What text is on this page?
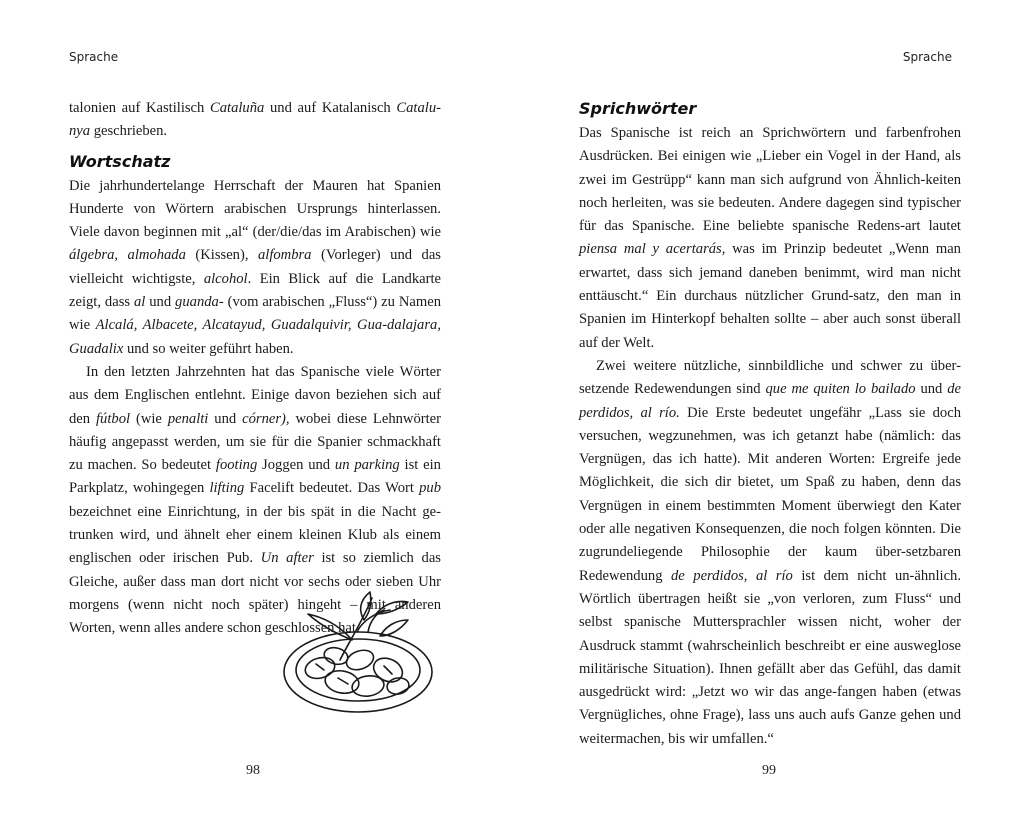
Sprache

talonien auf Kastilisch Cataluña und auf Katalanisch Catalu-nya geschrieben.

Wortschatz

Die jahrhundertelange Herrschaft der Mauren hat Spanien Hunderte von Wörtern arabischen Ursprungs hinterlassen. Viele davon beginnen mit „al“ (der/die/das im Arabischen) wie álgebra, almohada (Kissen), alfombra (Vorleger) und das vielleicht wichtigste, alcohol. Ein Blick auf die Landkarte zeigt, dass al und guanda- (vom arabischen „Fluss“) zu Namen wie Alcalá, Albacete, Alcatayud, Guadalquivir, Gua-dalajara, Guadalix und so weiter geführt haben.

In den letzten Jahrzehnten hat das Spanische viele Wörter aus dem Englischen entlehnt. Einige davon beziehen sich auf den fútbol (wie penalti und córner), wobei diese Lehnwörter häufig angepasst werden, um sie für die Spanier schmackhaft zu machen. So bedeutet footing Joggen und un parking ist ein Parkplatz, wohingegen lifting Facelift bedeutet. Das Wort pub bezeichnet eine Einrichtung, in der bis spät in die Nacht ge-trunken wird, und ähnelt eher einem kleinen Klub als einem englischen oder irischen Pub. Un after ist so ziemlich das Gleiche, außer dass man dort nicht vor sechs oder sieben Uhr morgens (wenn nicht noch später) hingeht – mit anderen Worten, wenn alles andere schon geschlossen hat.

98
Sprache
Sprichwörter

Das Spanische ist reich an Sprichwörtern und farbenfrohen Ausdrücken. Bei einigen wie „Lieber ein Vogel in der Hand, als zwei im Gestrüpp“ kann man sich aufgrund von Ähnlich-keiten noch herleiten, was sie bedeuten. Andere dagegen sind typischer für das Spanische. Eine beliebte spanische Redens-art lautet piensa mal y acertarás, was im Prinzip bedeutet „Wenn man erwartet, dass sich jemand daneben benimmt, wird man nicht enttäuscht.“ Ein durchaus nützlicher Grund-satz, den man in Spanien im Hinterkopf behalten sollte – aber auch sonst überall auf der Welt.

Zwei weitere nützliche, sinnbildliche und schwer zu über-setzende Redewendungen sind que me quiten lo bailado und de perdidos, al río. Die Erste bedeutet ungefähr „Lass sie doch versuchen, wegzunehmen, was ich getanzt habe (nämlich: das Vergnügen, das ich hatte). Mit anderen Worten: Ergreife jede Möglichkeit, die sich dir bietet, um Spaß zu haben, denn das Vergnügen in einem bestimmten Moment überwiegt den Kater oder alle negativen Konsequenzen, die noch folgen könnten. Die zugrundeliegende Philosophie der kaum über-setzbaren Redewendung de perdidos, al río ist dem nicht un-ähnlich. Wörtlich übertragen heißt sie „von verloren, zum Fluss“ und selbst spanische Muttersprachler wissen nicht, woher der Ausdruck stammt (wahrscheinlich beschreibt er eine ausweglose militärische Situation). Ihnen gefällt aber das Gefühl, das damit ausgedrückt wird: „Jetzt wo wir das ange-fangen haben (etwas Vergnügliches, ohne Frage), lass uns auch aufs Ganze gehen und weitermachen, bis wir umfallen.“

99
